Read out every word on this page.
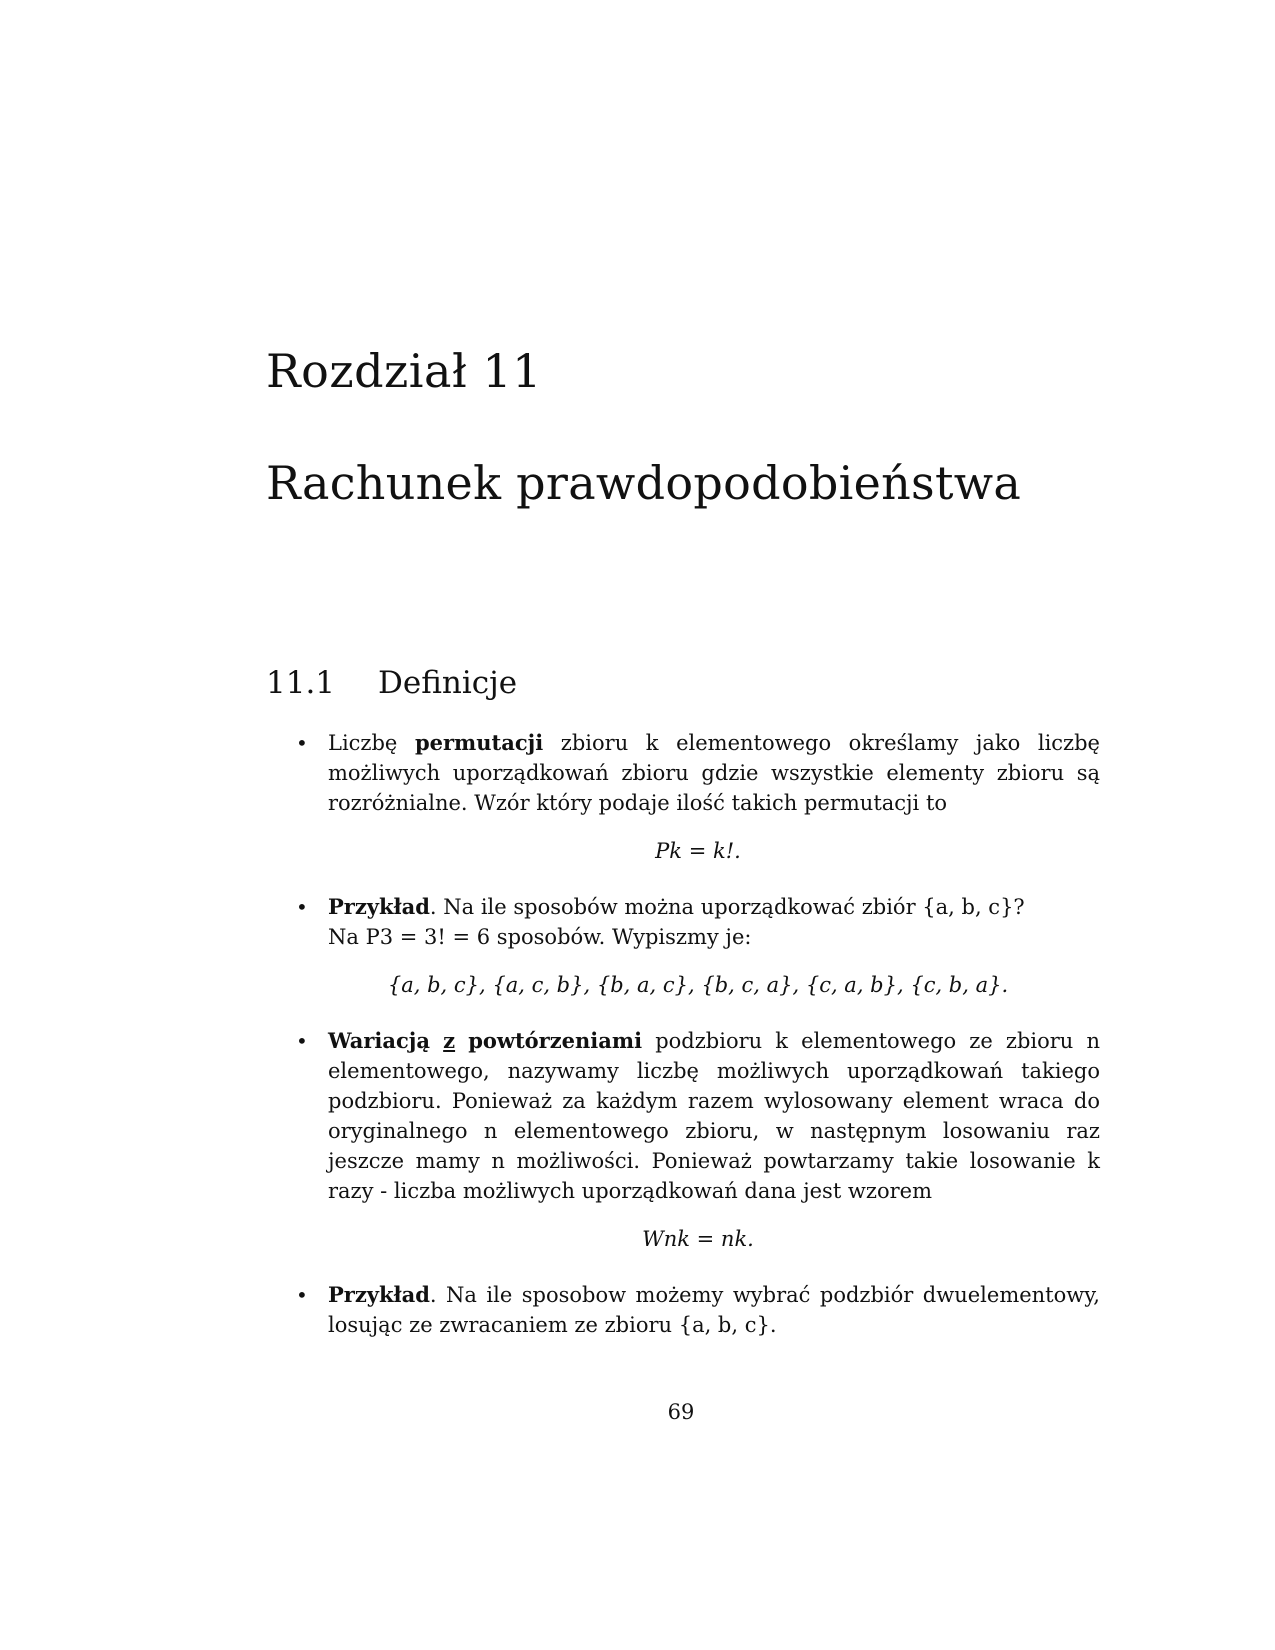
Rozdział 11
Rachunek prawdopodobieństwa
11.1 Definicje
• Liczbę permutacji zbioru k elementowego określamy jako liczbę możliwych uporządkowań zbioru gdzie wszystkie elementy zbioru są rozróżnialne. Wzór który podaje ilość takich permutacji to
Pk = k!.
• Przykład. Na ile sposobów można uporządkować zbiór {a, b, c}?
Na P3 = 3! = 6 sposobów. Wypiszmy je:
{a, b, c}, {a, c, b}, {b, a, c}, {b, c, a}, {c, a, b}, {c, b, a}.
• Wariacją z powtórzeniami podzbioru k elementowego ze zbioru n elementowego, nazywamy liczbę możliwych uporządkowań takiego podzbioru. Ponieważ za każdym razem wylosowany element wraca do oryginalnego n elementowego zbioru, w następnym losowaniu raz jeszcze mamy n możliwości. Ponieważ powtarzamy takie losowanie k razy - liczba możliwych uporządkowań dana jest wzorem
Wnk = nk.
• Przykład. Na ile sposobow możemy wybrać podzbiór dwuelementowy, losując ze zwracaniem ze zbioru {a, b, c}.
69
